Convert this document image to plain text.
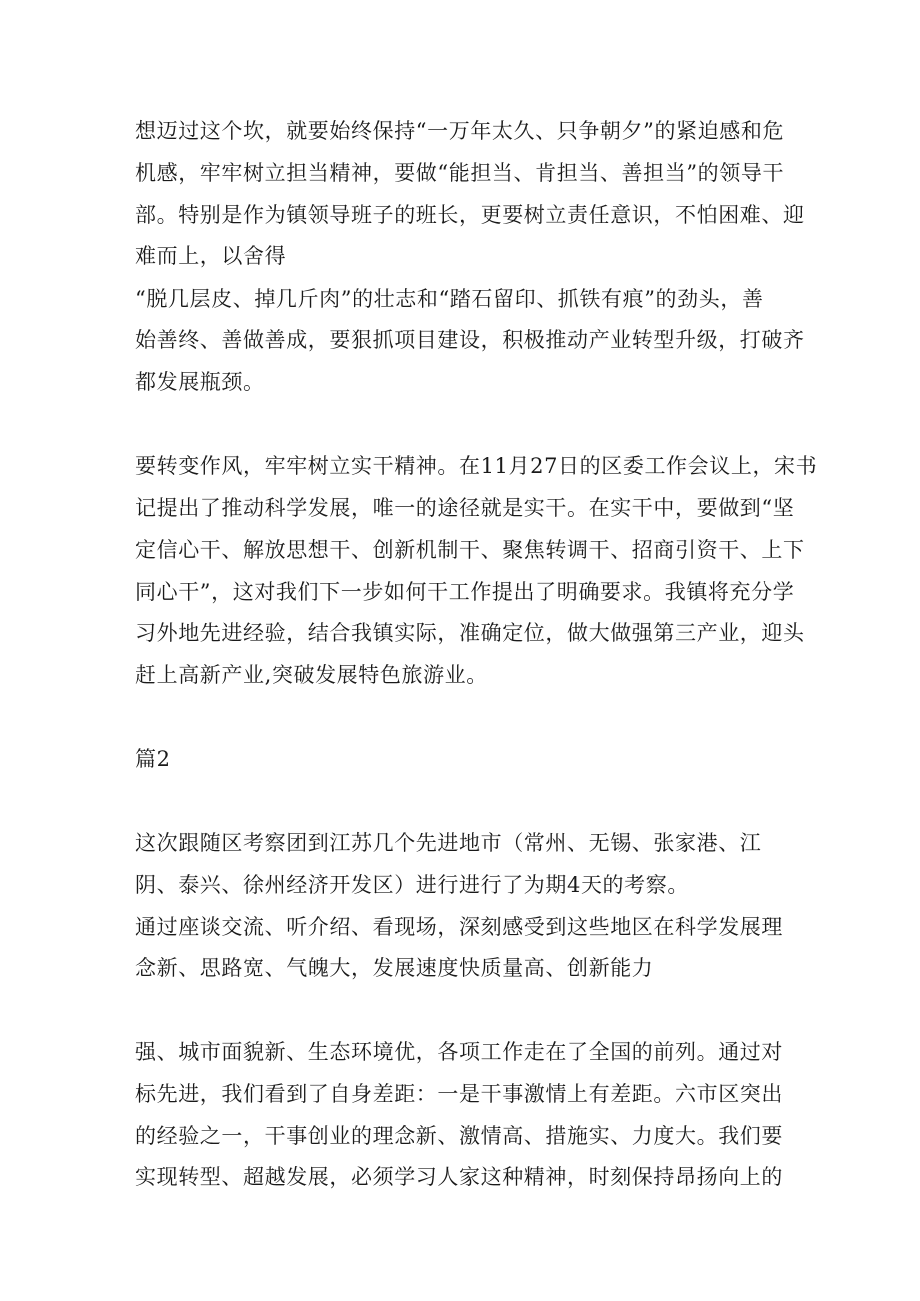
想迈过这个坎，就要始终保持“一万年太久、只争朝夕”的紧迫感和危
机感，牢牢树立担当精神，要做“能担当、肯担当、善担当”的领导干
部。特别是作为镇领导班子的班长，更要树立责任意识，不怕困难、迎
难而上，以舍得
“脱几层皮、掉几斤肉”的壮志和“踏石留印、抓铁有痕”的劲头，善
始善终、善做善成，要狠抓项目建设，积极推动产业转型升级，打破齐
都发展瓶颈。
要转变作风，牢牢树立实干精神。在11月27日的区委工作会议上，宋书
记提出了推动科学发展，唯一的途径就是实干。在实干中，要做到“坚
定信心干、解放思想干、创新机制干、聚焦转调干、招商引资干、上下
同心干”，这对我们下一步如何干工作提出了明确要求。我镇将充分学
习外地先进经验，结合我镇实际，准确定位，做大做强第三产业，迎头
赶上高新产业,突破发展特色旅游业。
篇2
这次跟随区考察团到江苏几个先进地市（常州、无锡、张家港、江
阴、泰兴、徐州经济开发区）进行进行了为期4天的考察。
通过座谈交流、听介绍、看现场，深刻感受到这些地区在科学发展理
念新、思路宽、气魄大，发展速度快质量高、创新能力
强、城市面貌新、生态环境优，各项工作走在了全国的前列。通过对
标先进，我们看到了自身差距：一是干事激情上有差距。六市区突出
的经验之一，干事创业的理念新、激情高、措施实、力度大。我们要
实现转型、超越发展，必须学习人家这种精神，时刻保持昂扬向上的
